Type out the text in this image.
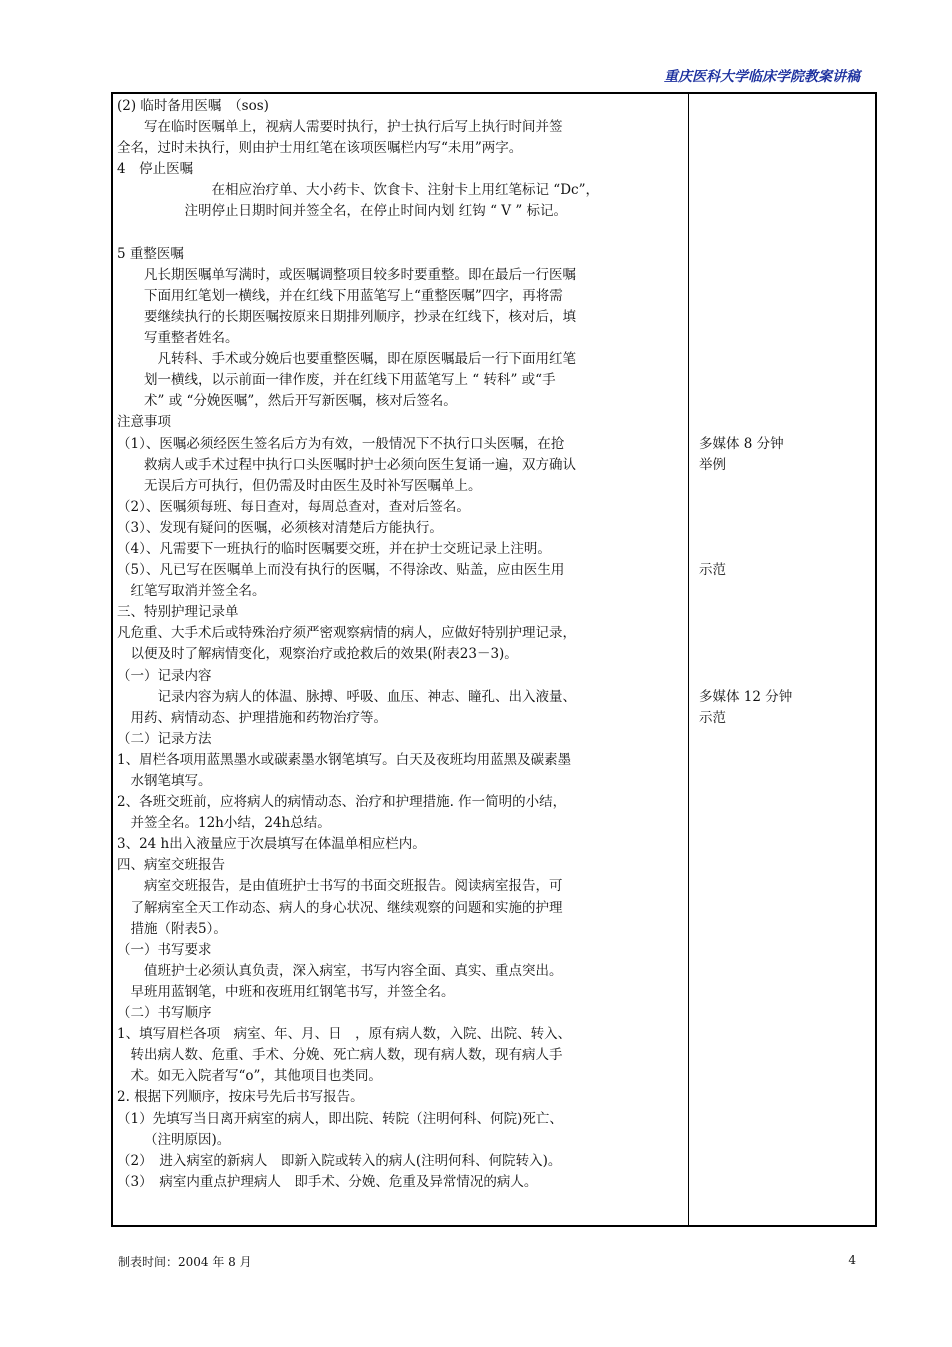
重庆医科大学临床学院教案讲稿
(2) 临时备用医嘱　（sos)
写在临时医嘱单上，视病人需要时执行，护士执行后写上执行时间并签
全名，过时未执行，则由护士用红笔在该项医嘱栏内写“未用”两字。
4　停止医嘱
在相应治疗单、大小药卡、饮食卡、注射卡上用红笔标记 “Dc”，
注明停止日期时间并签全名，在停止时间内划 红钩 “ V ” 标记。
5 重整医嘱
凡长期医嘱单写满时，或医嘱调整项目较多时要重整。即在最后一行医嘱
下面用红笔划一横线，并在红线下用蓝笔写上“重整医嘱”四字，再将需
要继续执行的长期医嘱按原来日期排列顺序，抄录在红线下，核对后，填
写重整者姓名。
凡转科、手术或分娩后也要重整医嘱，即在原医嘱最后一行下面用红笔
划一横线，以示前面一律作废，并在红线下用蓝笔写上 “ 转科” 或“手
术” 或 “分娩医嘱”，然后开写新医嘱，核对后签名。
注意事项
（1）、医嘱必须经医生签名后方为有效，一般情况下不执行口头医嘱，在抢
救病人或手术过程中执行口头医嘱时护士必须向医生复诵一遍，双方确认
无误后方可执行，但仍需及时由医生及时补写医嘱单上。
（2）、医嘱须每班、每日查对，每周总查对，查对后签名。
（3）、发现有疑问的医嘱，必须核对清楚后方能执行。
（4）、凡需要下一班执行的临时医嘱要交班，并在护士交班记录上注明。
（5）、凡已写在医嘱单上而没有执行的医嘱，不得涂改、贴盖，应由医生用
红笔写取消并签全名。
三、特别护理记录单
凡危重、大手术后或特殊治疗须严密观察病情的病人，应做好特别护理记录，
以便及时了解病情变化，观察治疗或抢救后的效果(附表23－3)。
（一）记录内容
记录内容为病人的体温、脉搏、呼吸、血压、神志、瞳孔、出入液量、
用药、病情动态、护理措施和药物治疗等。
（二）记录方法
1、眉栏各项用蓝黑墨水或碳素墨水钢笔填写。白天及夜班均用蓝黑及碳素墨
水钢笔填写。
2、各班交班前，应将病人的病情动态、治疗和护理措施. 作一简明的小结，
并签全名。12h小结，24h总结。
3、24 h出入液量应于次晨填写在体温单相应栏内。
四、病室交班报告
病室交班报告，是由值班护士书写的书面交班报告。阅读病室报告，可
了解病室全天工作动态、病人的身心状况、继续观察的问题和实施的护理
措施（附表5）。
（一）书写要求
值班护士必须认真负责，深入病室，书写内容全面、真实、重点突出。
早班用蓝钢笔，中班和夜班用红钢笔书写，并签全名。
（二）书写顺序
1、填写眉栏各项　病室、年、月、日　，原有病人数，入院、出院、转入、
转出病人数、危重、手术、分娩、死亡病人数，现有病人数，现有病人手
术。如无入院者写“o”，其他项目也类同。
2. 根据下列顺序，按床号先后书写报告。
（1）先填写当日离开病室的病人，即出院、转院（注明何科、何院)死亡、
（注明原因)。
（2）　进入病室的新病人　即新入院或转入的病人(注明何科、何院转入)。
（3）　病室内重点护理病人　即手术、分娩、危重及异常情况的病人。
多媒体 8 分钟
举例
示范
多媒体 12 分钟
示范
制表时间：2004 年 8 月	4
